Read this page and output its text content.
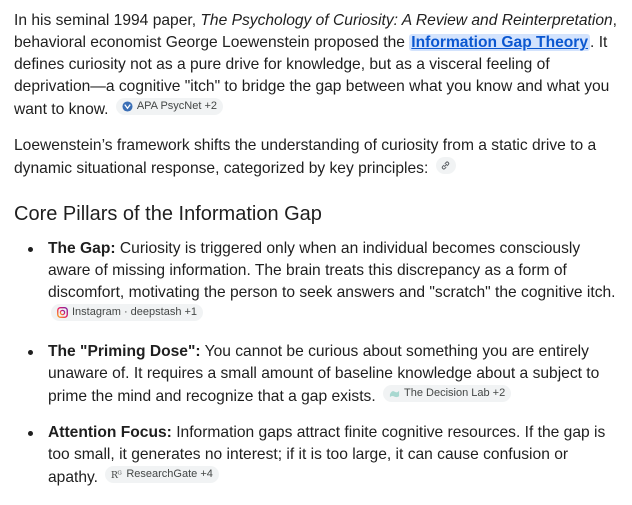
In his seminal 1994 paper, The Psychology of Curiosity: A Review and Reinterpretation, behavioral economist George Loewenstein proposed the Information Gap Theory . It defines curiosity not as a pure drive for knowledge, but as a visceral feeling of deprivation—a cognitive "itch" to bridge the gap between what you know and what you want to know.	APA PsycNet +2

Loewenstein’s framework shifts the understanding of curiosity from a static drive to a dynamic situational response, categorized by key principles:

Core Pillars of the Information Gap
The Gap: Curiosity is triggered only when an individual becomes consciously aware of missing information. The brain treats this discrepancy as a form of discomfort, motivating the person to seek answers and "scratch" the cognitive itch.
Instagram · deepstash +1
The "Priming Dose": You cannot be curious about something you are entirely unaware of. It requires a small amount of baseline knowledge about a subject to prime the mind and recognize that a gap exists.	The Decision Lab +2
Attention Focus: Information gaps attract finite cognitive resources. If the gap is too small, it generates no interest; if it is too large, it can cause confusion or apathy. R G ResearchGate +4
